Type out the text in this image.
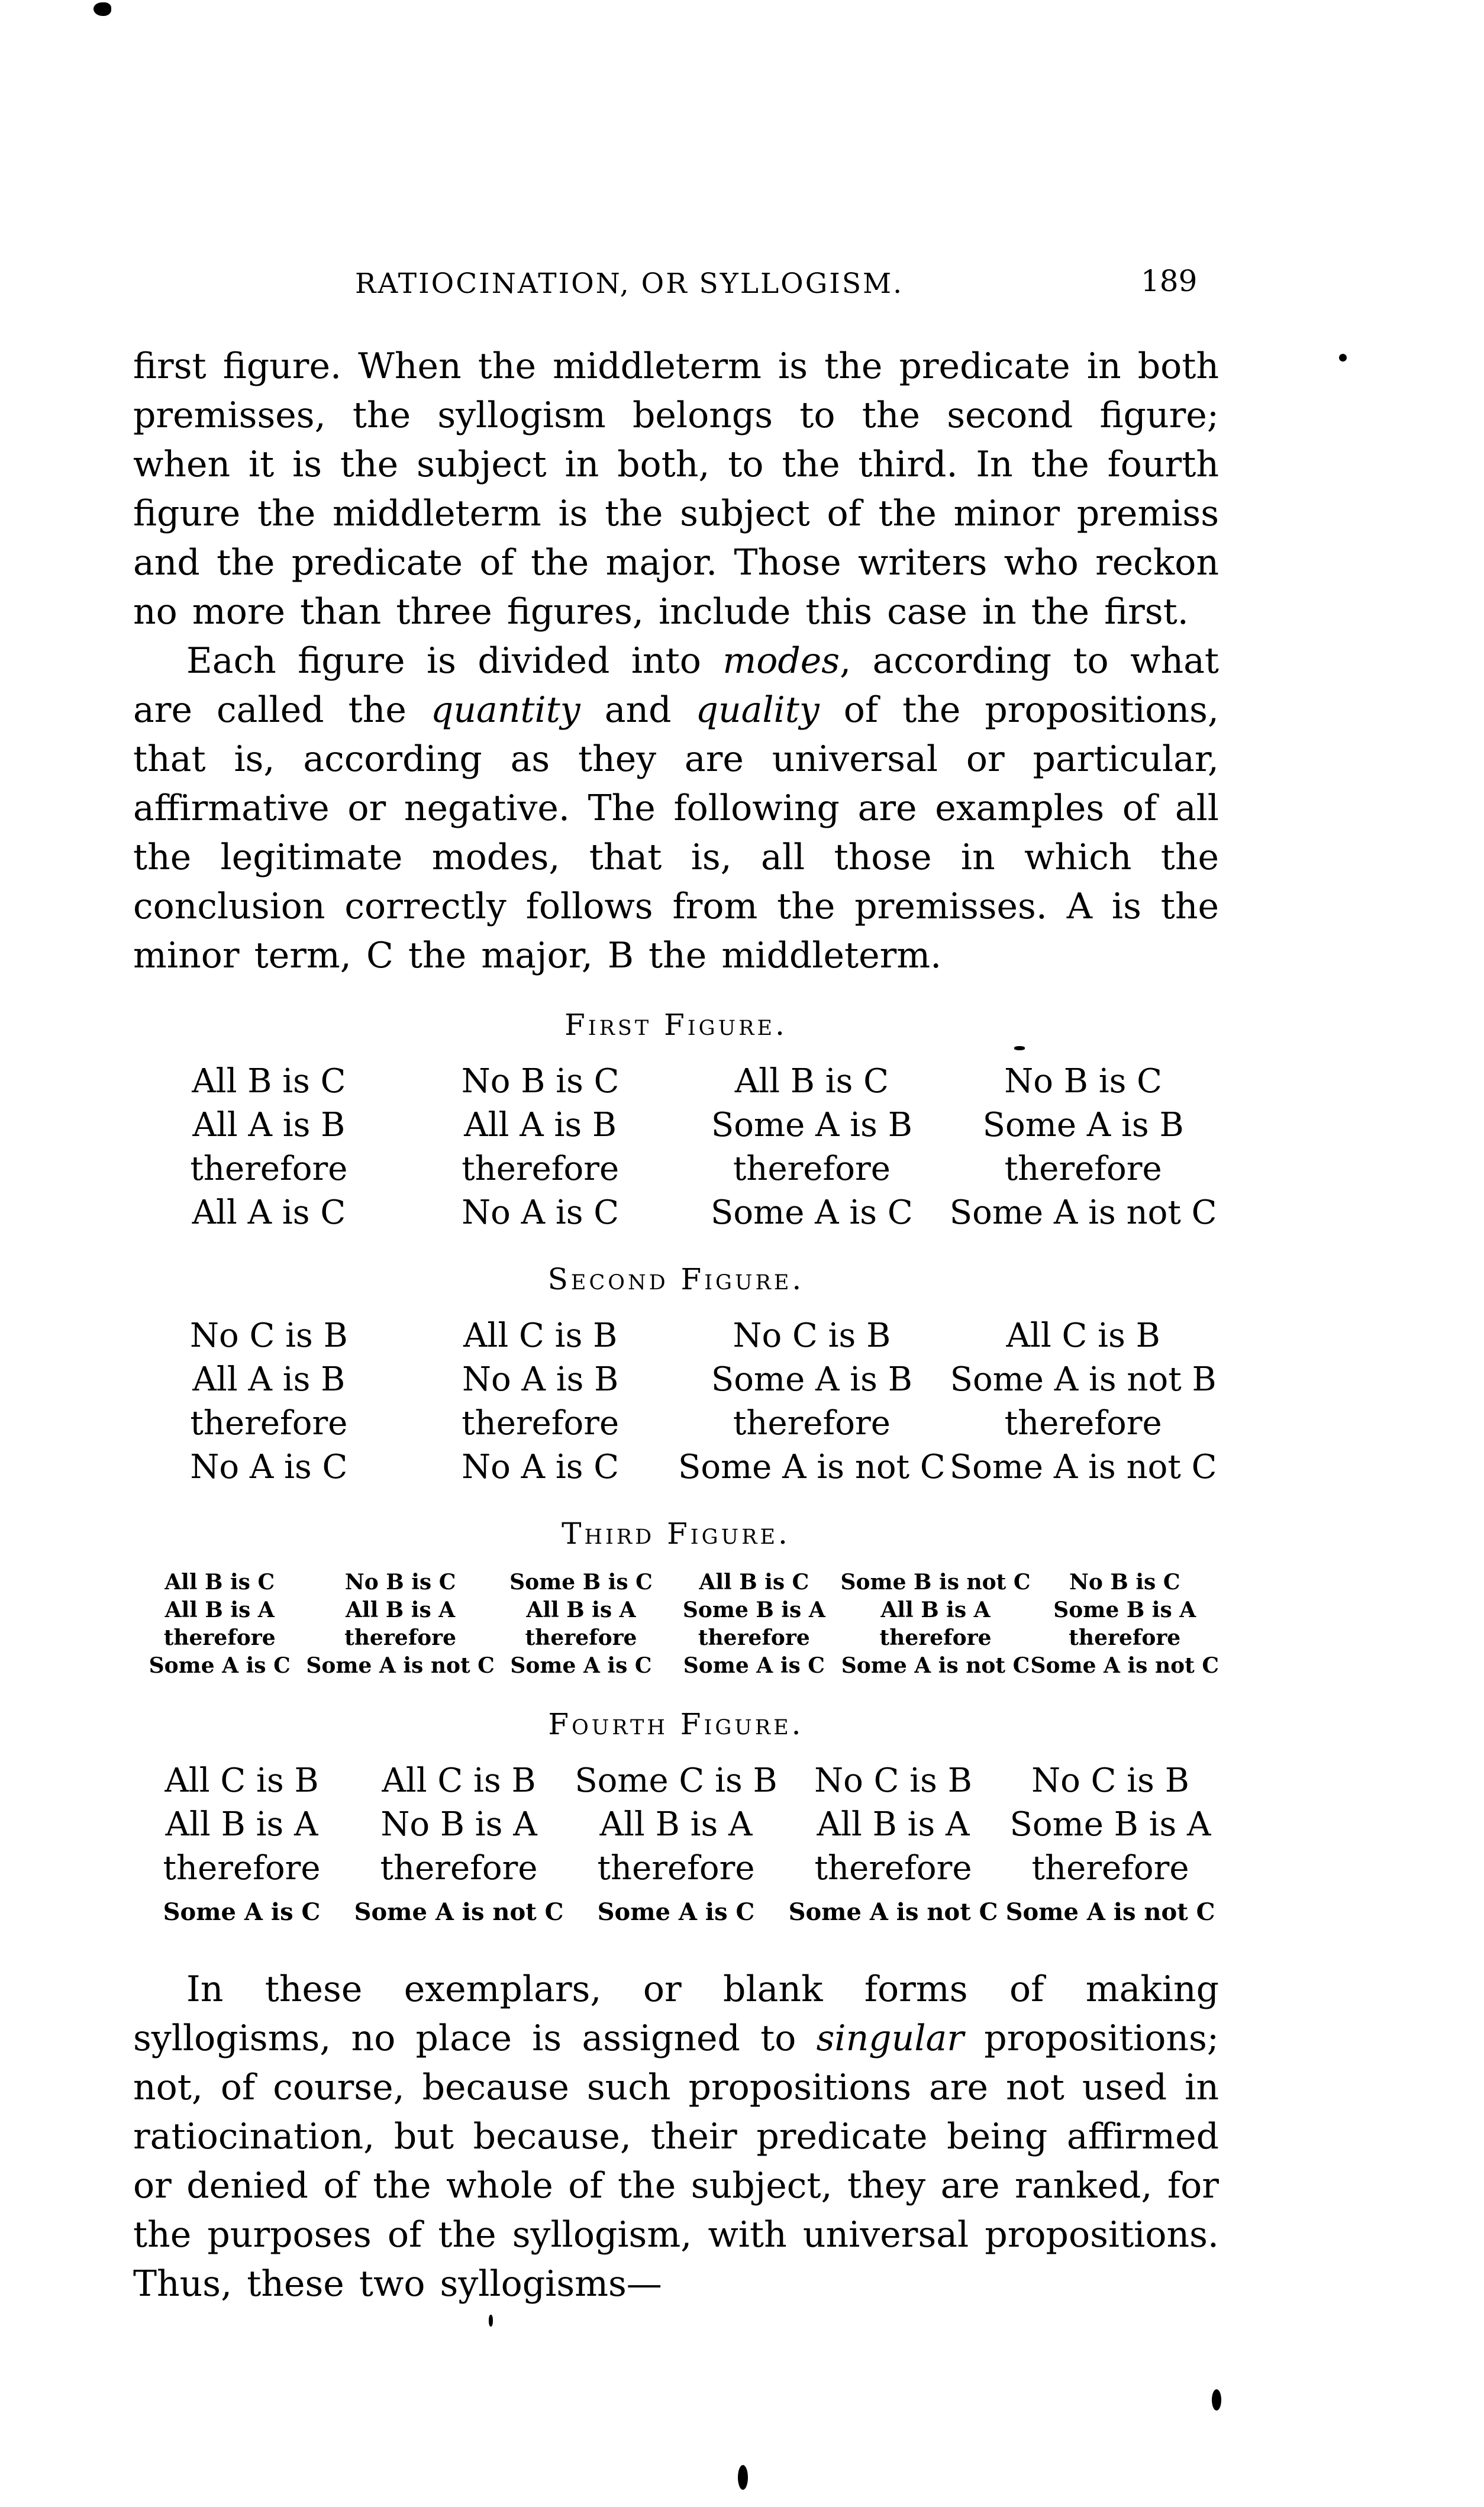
RATIOCINATION, OR SYLLOGISM.	189

first figure. When the middleterm is the predicate in both premisses, the syllogism belongs to the second figure; when it is the subject in both, to the third. In the fourth figure the middleterm is the subject of the minor premiss and the predicate of the major. Those writers who reckon no more than three figures, include this case in the first.

Each figure is divided into modes, according to what are called the quantity and quality of the propositions, that is, according as they are universal or particular, affirmative or negative. The following are examples of all the legitimate modes, that is, all those in which the conclusion correctly follows from the premisses. A is the minor term, C the major, B the middleterm.

First Figure.
All B is C
All A is B
therefore
All A is C
No B is C
All A is B
therefore
No A is C
All B is C
Some A is B
therefore
Some A is C
No B is C
Some A is B
therefore
Some A is not C
Second Figure.
No C is B
All A is B
therefore
No A is C
All C is B
No A is B
therefore
No A is C
No C is B
Some A is B
therefore
Some A is not C
All C is B
Some A is not B
therefore
Some A is not C
Third Figure.
All B is C
All B is A
therefore
Some A is C
No B is C
All B is A
therefore
Some A is not C
Some B is C
All B is A
therefore
Some A is C
All B is C
Some B is A
therefore
Some A is C
Some B is not C
All B is A
therefore
Some A is not C
No B is C
Some B is A
therefore
Some A is not C
Fourth Figure.
All C is B
All B is A
therefore
Some A is C
All C is B
No B is A
therefore
Some A is not C
Some C is B
All B is A
therefore
Some A is C
No C is B
All B is A
therefore
Some A is not C
No C is B
Some B is A
therefore
Some A is not C

In these exemplars, or blank forms of making syllogisms, no place is assigned to singular propositions; not, of course, because such propositions are not used in ratiocination, but because, their predicate being affirmed or denied of the whole of the subject, they are ranked, for the purposes of the syllogism, with universal propositions. Thus, these two syllogisms—
